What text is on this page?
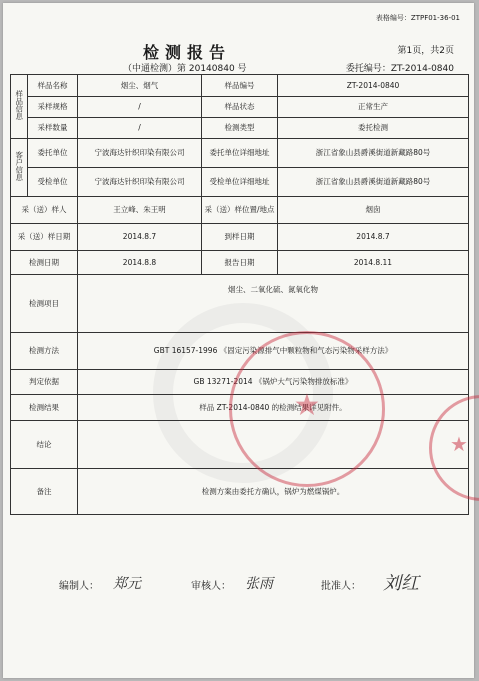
表格编号：ZTPF01-36-01
检测报告	第1页，共2页
（中通检测）第 20140840 号	委托编号：ZT-2014-0840
样品信息	样品名称	烟尘、烟气	样品编号	ZT-2014-0840
	采样规格	/	样品状态	正常生产
	采样数量	/	检测类型	委托检测
客户信息	委托单位	宁波海达针织印染有限公司	委托单位详细地址	浙江省象山县爵溪街道新藏路80号
	受检单位	宁波海达针织印染有限公司	受检单位详细地址	浙江省象山县爵溪街道新藏路80号
采（送）样人		王立峰、朱王明	采（送）样位置/地点	烟囱
采（送）样日期		2014.8.7	到样日期	2014.8.7
检测日期		2014.8.8	报告日期	2014.8.11
检测项目		烟尘、二氧化硫、氮氧化物		
检测方法		GBT 16157-1996 《固定污染源排气中颗粒物和气态污染物采样方法》		
判定依据		GB 13271-2014 《锅炉大气污染物排放标准》		
检测结果		样品 ZT-2014-0840 的检测结果详见附件。		
结论				
备注		检测方案由委托方确认，锅炉为燃煤锅炉。		
★
★
编制人： 郑元	审核人： 张雨	批准人： 刘红
